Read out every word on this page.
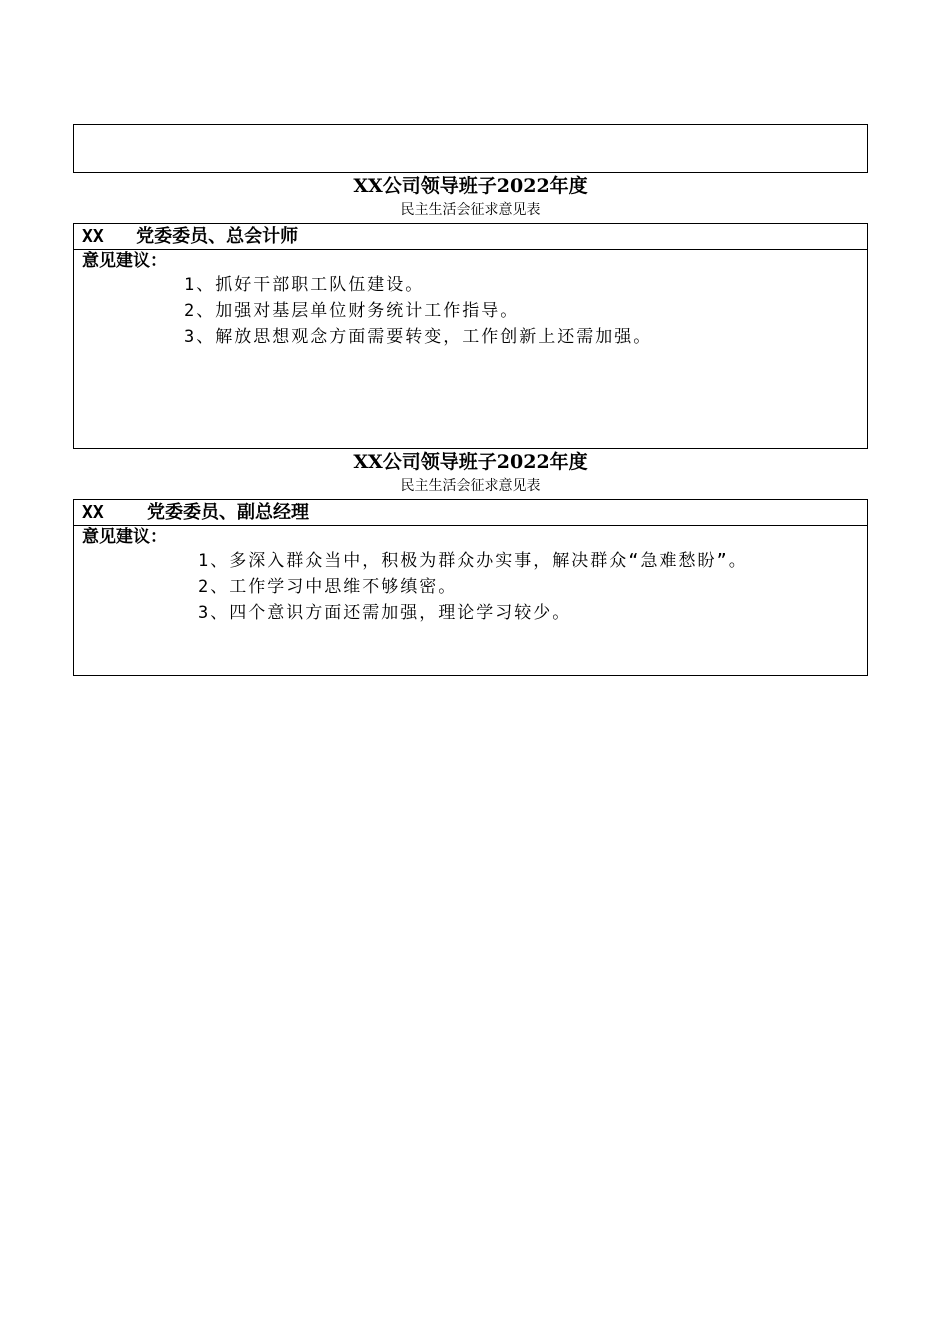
XX公司领导班子2022年度
民主生活会征求意见表
XX   党委委员、总会计师
意见建议：
1、抓好干部职工队伍建设。
2、加强对基层单位财务统计工作指导。
3、解放思想观念方面需要转变，工作创新上还需加强。
XX公司领导班子2022年度
民主生活会征求意见表
XX    党委委员、副总经理
意见建议：
1、多深入群众当中，积极为群众办实事，解决群众“急难愁盼”。
2、工作学习中思维不够缜密。
3、四个意识方面还需加强，理论学习较少。
